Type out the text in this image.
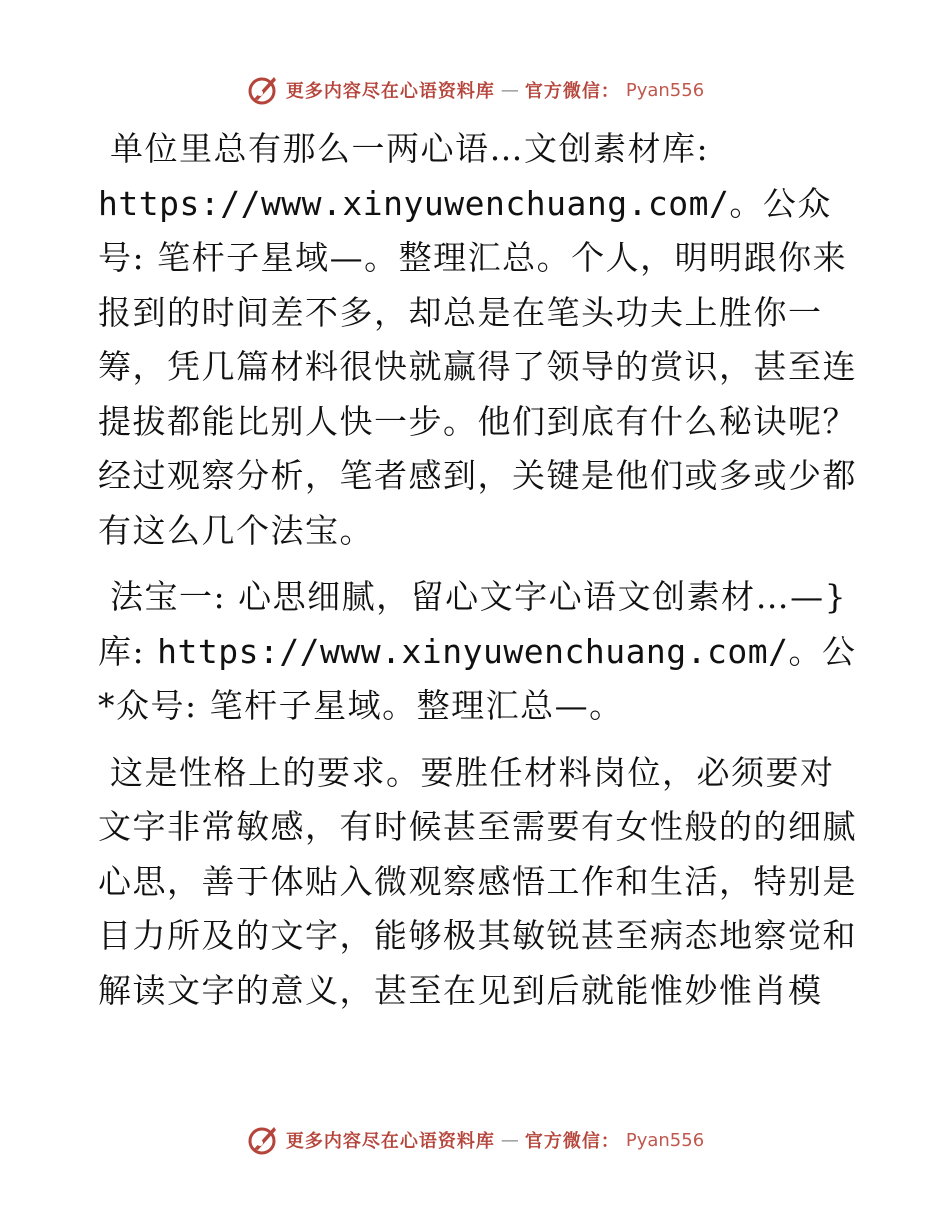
更多内容尽在心语资料库 — 官方微信： Pyan556

单位里总有那么一两心语…文创素材库:
https://www.xinyuwenchuang.com/。公众号: 笔杆子星域—。整理汇总。个人，明明跟你来报到的时间差不多，却总是在笔头功夫上胜你一筹，凭几篇材料很快就赢得了领导的赏识，甚至连提拔都能比别人快一步。他们到底有什么秘诀呢？经过观察分析，笔者感到，关键是他们或多或少都有这么几个法宝。

法宝一: 心思细腻，留心文字心语文创素材…—}库: https://www.xinyuwenchuang.com/。公*众号: 笔杆子星域。整理汇总—。

这是性格上的要求。要胜任材料岗位，必须要对文字非常敏感，有时候甚至需要有女性般的的细腻心思，善于体贴入微观察感悟工作和生活，特别是目力所及的文字，能够极其敏锐甚至病态地察觉和解读文字的意义，甚至在见到后就能惟妙惟肖模

更多内容尽在心语资料库 — 官方微信： Pyan556
